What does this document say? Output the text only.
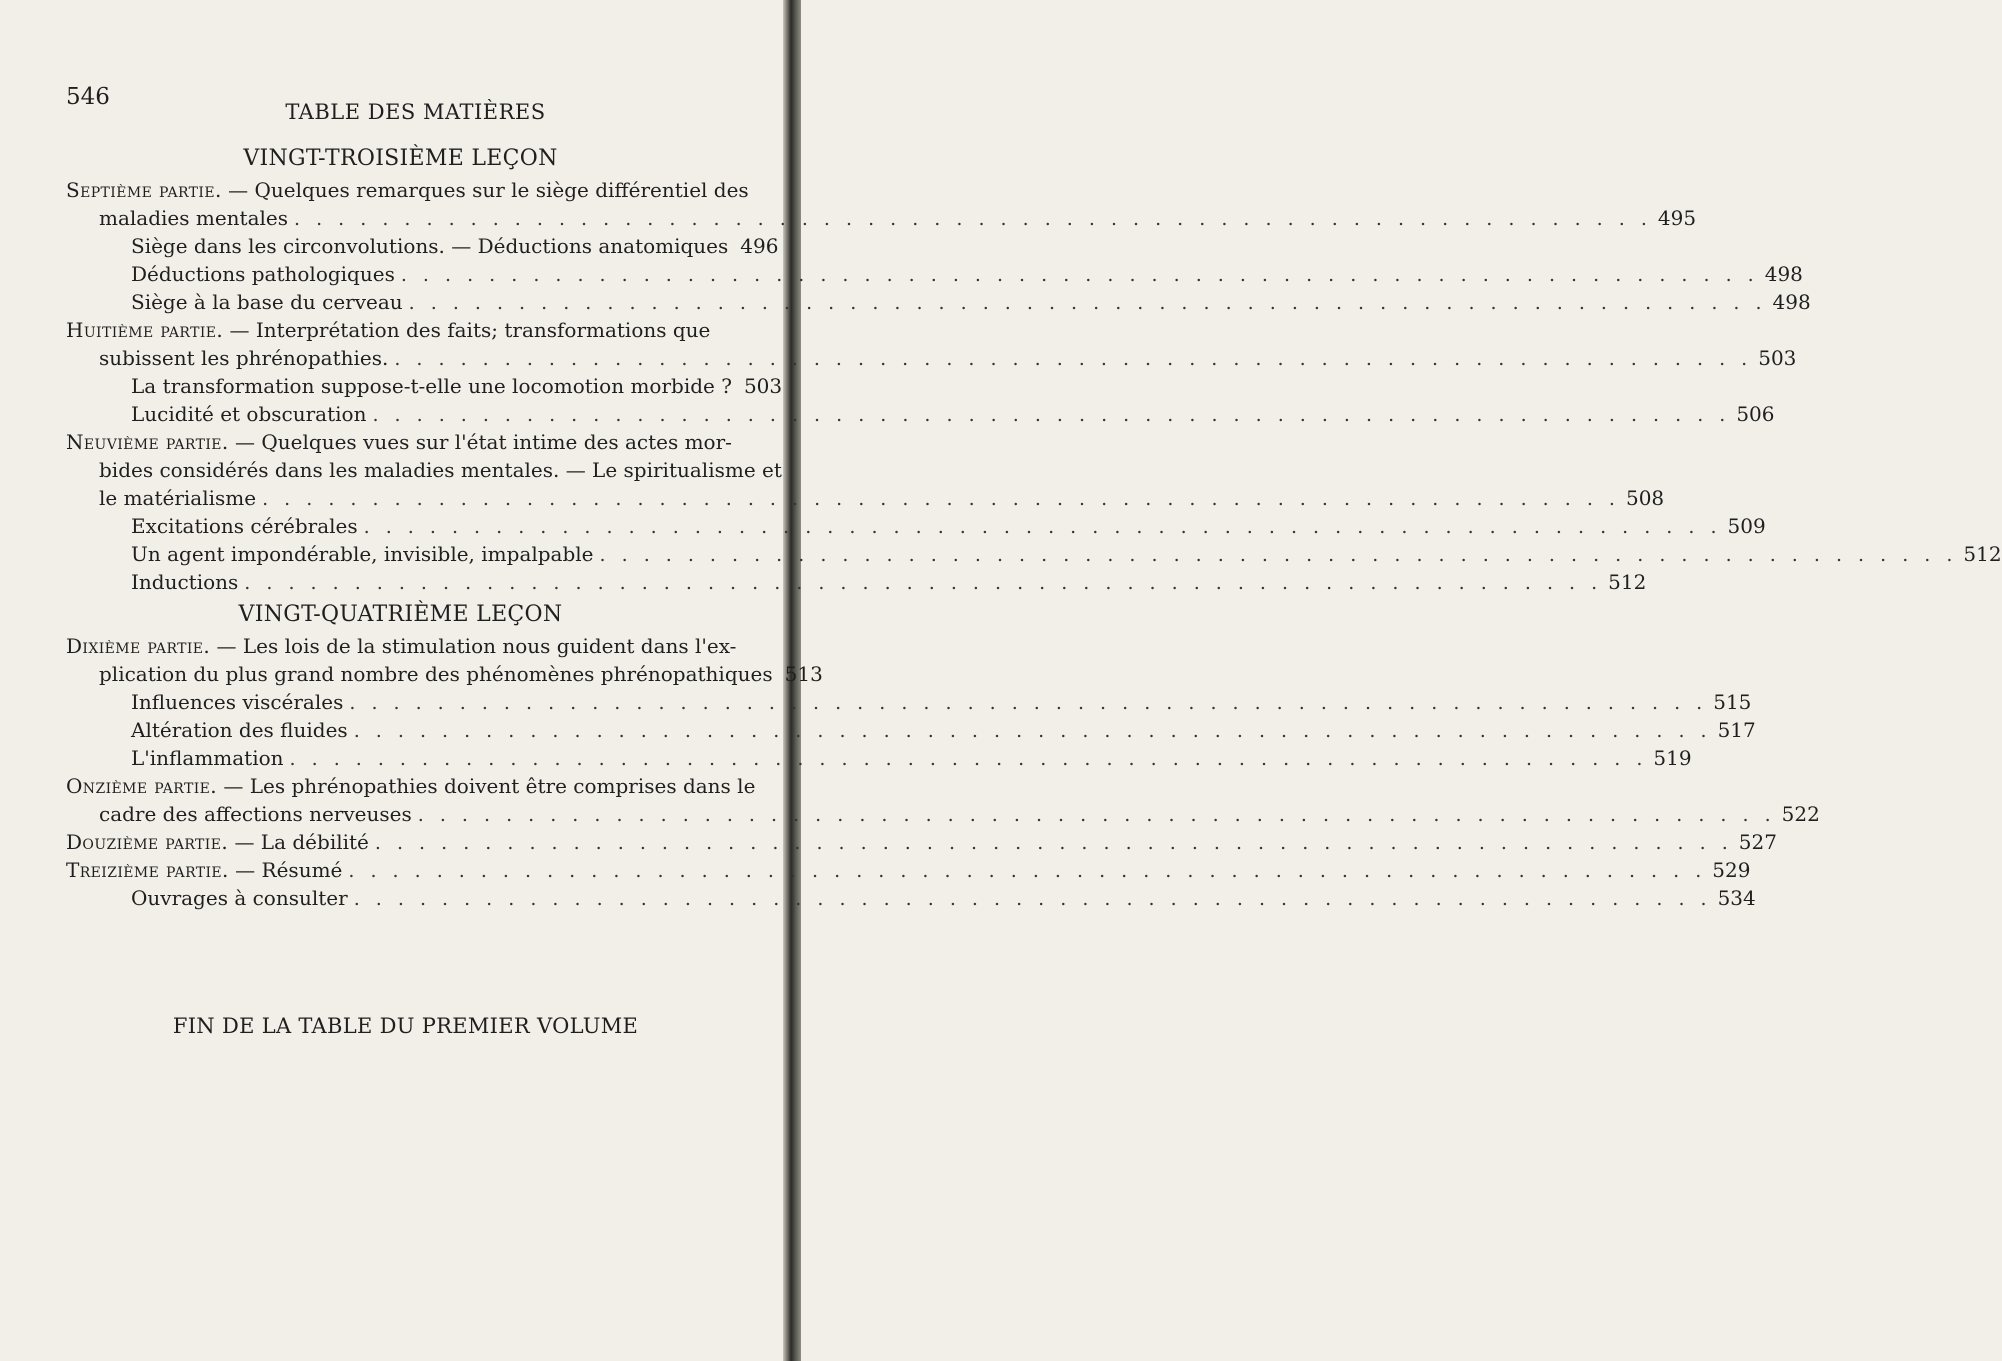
546
TABLE DES MATIÈRES
VINGT-TROISIÈME LEÇON
Septième partie. — Quelques remarques sur le siège différentiel des
maladies mentales . . .	495
Siège dans les circonvolutions. — Déductions anatomiques 496
Déductions pathologiques . . .	498
Siège à la base du cerveau . . .	498
Huitième partie. — Interprétation des faits; transformations que
subissent les phrénopathies. . . .	503
La transformation suppose-t-elle une locomotion morbide ? 503
Lucidité et obscuration . . .	506
Neuvième partie. — Quelques vues sur l'état intime des actes mor-
bides considérés dans les maladies mentales. — Le spiritualisme et
le matérialisme . . .	508
Excitations cérébrales . . .	509
Un agent impondérable, invisible, impalpable . . .	512
Inductions . . .	512
VINGT-QUATRIÈME LEÇON
Dixième partie. — Les lois de la stimulation nous guident dans l'ex-
plication du plus grand nombre des phénomènes phrénopathiques 513
Influences viscérales . . .	515
Altération des fluides . . .	517
L'inflammation . . .	519
Onzième partie. — Les phrénopathies doivent être comprises dans le
cadre des affections nerveuses . . .	522
Douzième partie. — La débilité . . .	527
Treizième partie. — Résumé . . .	529
Ouvrages à consulter . . .	534
FIN DE LA TABLE DU PREMIER VOLUME
